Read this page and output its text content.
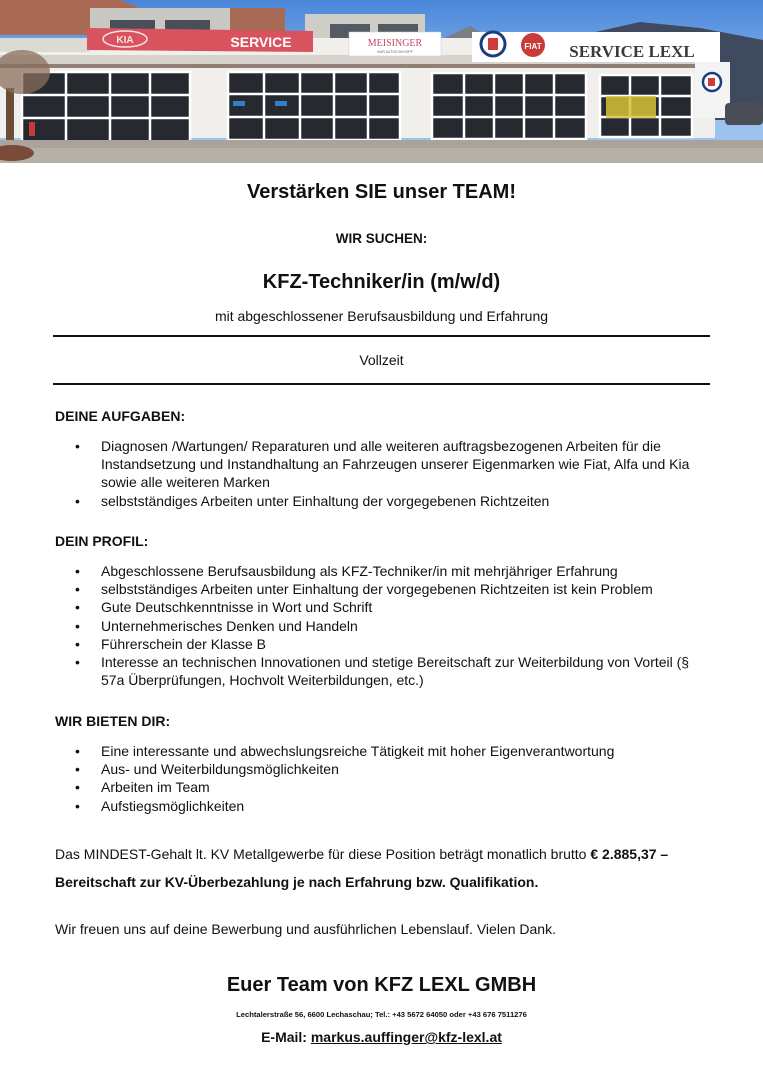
KIA	SERVICE	MEISINGER
NUR AUTOS IM KOPF
FIAT SERVICE LEXL
Verstärken SIE unser TEAM!
WIR SUCHEN:
KFZ-Techniker/in (m/w/d)
mit abgeschlossener Berufsausbildung und Erfahrung
Vollzeit
DEINE AUFGABEN:
• Diagnosen /Wartungen/ Reparaturen und alle weiteren auftragsbezogenen Arbeiten für die Instandsetzung und Instandhaltung an Fahrzeugen unserer Eigenmarken wie Fiat, Alfa und Kia sowie alle weiteren Marken
• selbstständiges Arbeiten unter Einhaltung der vorgegebenen Richtzeiten
DEIN PROFIL:
• Abgeschlossene Berufsausbildung als KFZ-Techniker/in mit mehrjähriger Erfahrung
• selbstständiges Arbeiten unter Einhaltung der vorgegebenen Richtzeiten ist kein Problem
• Gute Deutschkenntnisse in Wort und Schrift
• Unternehmerisches Denken und Handeln
• Führerschein der Klasse B
• Interesse an technischen Innovationen und stetige Bereitschaft zur Weiterbildung von Vorteil (§ 57a Überprüfungen, Hochvolt Weiterbildungen, etc.)
WIR BIETEN DIR:
• Eine interessante und abwechslungsreiche Tätigkeit mit hoher Eigenverantwortung
• Aus- und Weiterbildungsmöglichkeiten
• Arbeiten im Team
• Aufstiegsmöglichkeiten
Das MINDEST-Gehalt lt. KV Metallgewerbe für diese Position beträgt monatlich brutto € 2.885,37 –
Bereitschaft zur KV-Überbezahlung je nach Erfahrung bzw. Qualifikation.
Wir freuen uns auf deine Bewerbung und ausführlichen Lebenslauf. Vielen Dank.
Euer Team von KFZ LEXL GMBH
Lechtalerstraße 56, 6600 Lechaschau; Tel.: +43 5672 64050 oder +43 676 7511276
E-Mail: markus.auffinger@kfz-lexl.at
